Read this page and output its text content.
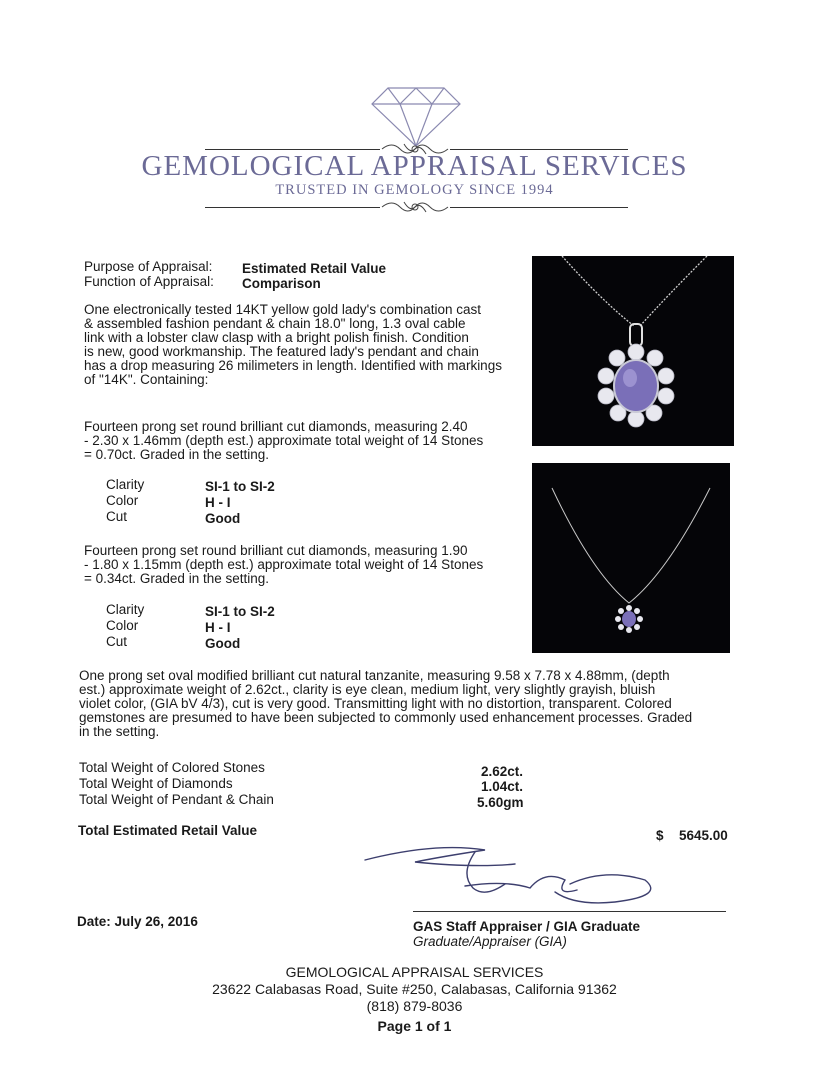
GEMOLOGICAL APPRAISAL SERVICES
TRUSTED IN GEMOLOGY SINCE 1994
Purpose of Appraisal: Estimated Retail Value
Function of Appraisal: Comparison
One electronically tested 14KT yellow gold lady's combination cast
& assembled fashion pendant & chain 18.0" long, 1.3 oval cable
link with a lobster claw clasp with a bright polish finish. Condition
is new, good workmanship. The featured lady's pendant and chain
has a drop measuring 26 milimeters in length. Identified with markings
of "14K". Containing:
Fourteen prong set round brilliant cut diamonds, measuring 2.40
- 2.30 x 1.46mm (depth est.) approximate total weight of 14 Stones
= 0.70ct. Graded in the setting.
Clarity	SI-1 to SI-2
Color	H - I
Cut	Good
Fourteen prong set round brilliant cut diamonds, measuring 1.90
- 1.80 x 1.15mm (depth est.) approximate total weight of 14 Stones
= 0.34ct. Graded in the setting.
Clarity	SI-1 to SI-2
Color	H - I
Cut	Good
One prong set oval modified brilliant cut natural tanzanite, measuring 9.58 x 7.78 x 4.88mm, (depth
est.) approximate weight of 2.62ct., clarity is eye clean, medium light, very slightly grayish, bluish
violet color, (GIA bV 4/3), cut is very good. Transmitting light with no distortion, transparent. Colored
gemstones are presumed to have been subjected to commonly used enhancement processes. Graded
in the setting.
Total Weight of Colored Stones	2.62ct.
Total Weight of Diamonds	1.04ct.
Total Weight of Pendant & Chain	5.60gm
Total Estimated Retail Value	$ 5645.00
Date: July 26, 2016	GAS Staff Appraiser / GIA Graduate
Graduate/Appraiser (GIA)
GEMOLOGICAL APPRAISAL SERVICES
23622 Calabasas Road, Suite #250, Calabasas, California 91362
(818) 879-8036
Page 1 of 1
